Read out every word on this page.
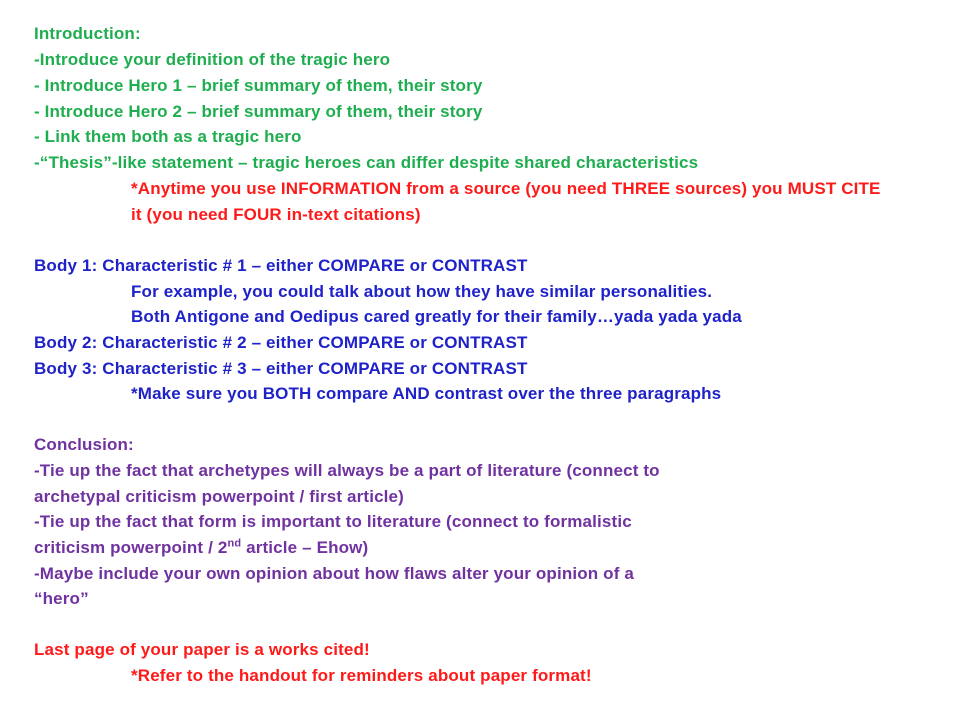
Introduction:

-Introduce your definition of the tragic hero

- Introduce Hero 1 – brief summary of them, their story

- Introduce Hero 2 – brief summary of them, their story

- Link them both as a tragic hero

-“Thesis”-like statement – tragic heroes can differ despite shared characteristics

*Anytime you use INFORMATION from a source (you need THREE sources) you MUST CITE

it (you need FOUR in-text citations)

Body 1: Characteristic # 1 – either COMPARE or CONTRAST

For example, you could talk about how they have similar personalities.

Both Antigone and Oedipus cared greatly for their family…yada yada yada

Body 2: Characteristic # 2 – either COMPARE or CONTRAST

Body 3: Characteristic # 3 – either COMPARE or CONTRAST

*Make sure you BOTH compare AND contrast over the three paragraphs

Conclusion:

-Tie up the fact that archetypes will always be a part of literature (connect to

archetypal criticism powerpoint / first article)

-Tie up the fact that form is important to literature (connect to formalistic

criticism powerpoint / 2nd article – Ehow)

-Maybe include your own opinion about how flaws alter your opinion of a

“hero”

Last page of your paper is a works cited!

*Refer to the handout for reminders about paper format!
